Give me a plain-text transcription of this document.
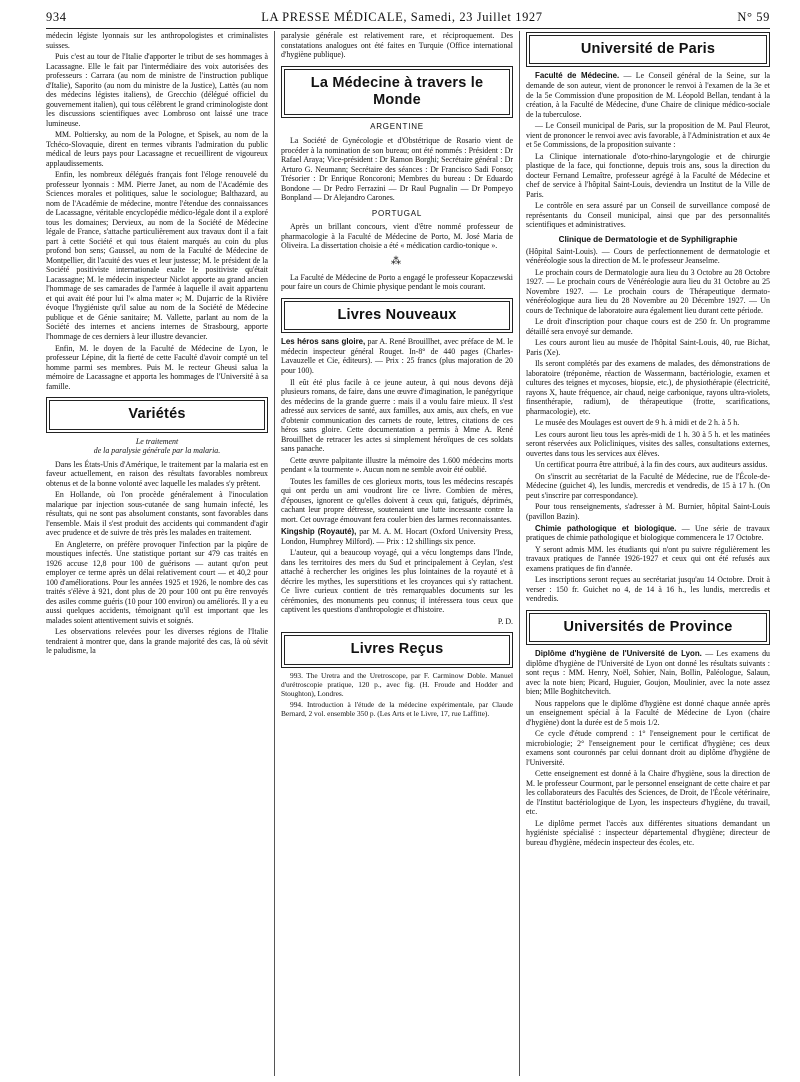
934	LA PRESSE MÉDICALE, Samedi, 23 Juillet 1927	N° 59

médecin légiste lyonnais sur les anthropologistes et criminalistes suisses.

Puis c'est au tour de l'Italie d'apporter le tribut de ses hommages à Lacassagne. Elle le fait par l'intermédiaire des voix autorisées des professeurs : Carrara (au nom de ministre de l'instruction publique d'Italie), Saporito (au nom du ministre de la Justice), Lattès (au nom des médecins légistes italiens), de Grecchio (délégué officiel du gouvernement italien), qui tous célèbrent le grand criminologiste dont les discussions scientifiques avec Lombroso ont laissé une trace lumineuse.

MM. Poltiersky, au nom de la Pologne, et Spisek, au nom de la Tchéco-Slovaquie, dirent en termes vibrants l'admiration du public médical de leurs pays pour Lacassagne et recueillirent de vigoureux applaudissements.

Enfin, les nombreux délégués français font l'éloge renouvelé du professeur lyonnais : MM. Pierre Janet, au nom de l'Académie des Sciences morales et politiques, salue le sociologue; Balthazard, au nom de l'Académie de médecine, montre l'étendue des connaissances de Lacassagne, véritable encyclopédie médico-légale dont il a exploré tous les domaines; Dervieux, au nom de la Société de Médecine légale de France, s'attache particulièrement aux travaux dont il a fait part à cette Société et qui tous étaient marqués au coin du plus profond bon sens; Gaussel, au nom de la Faculté de Médecine de Montpellier, dit l'acuité des vues et leur justesse; M. le président de la Société positiviste internationale exalte le positiviste qu'était Lacassagne; M. le médecin inspecteur Niclot apporte au grand ancien l'hommage de ses camarades de l'armée à laquelle il avait appartenu et qui avait été pour lui l'« alma mater »; M. Dujarric de la Rivière évoque l'hygiéniste qu'il salue au nom de la Société de Médecine publique et de Génie sanitaire; M. Vallette, parlant au nom de la Société des internes et anciens internes de Strasbourg, apporte l'hommage de ces derniers à leur illustre devancier.

Enfin, M. le doyen de la Faculté de Médecine de Lyon, le professeur Lépine, dit la fierté de cette Faculté d'avoir compté un tel homme parmi ses membres. Puis M. le recteur Gheusi salua la mémoire de Lacassagne et apporta les hommages de l'Université à sa famille.

Variétés
Le traitement
de la paralysie générale par la malaria.

Dans les États-Unis d'Amérique, le traitement par la malaria est en faveur actuellement, en raison des résultats favorables nombreux obtenus et de la bonne volonté avec laquelle les malades s'y prêtent.

En Hollande, où l'on procède généralement à l'inoculation malarique par injection sous-cutanée de sang humain infecté, les résultats, qui ne sont pas absolument constants, sont favorables dans l'ensemble. Mais il s'est produit des accidents qui commandent d'agir avec prudence et de suivre de très près les malades en traitement.

En Angleterre, on préfère provoquer l'infection par la piqûre de moustiques infectés. Une statistique portant sur 479 cas traités en 1926 accuse 12,8 pour 100 de guérisons — autant qu'on peut employer ce terme après un délai relativement court — et 40,2 pour 100 d'améliorations. Pour les années 1925 et 1926, le nombre des cas traités s'élève à 921, dont plus de 20 pour 100 ont pu être renvoyés des asiles comme guéris (10 pour 100 environ) ou améliorés. Il y a eu aussi quelques accidents, témoignant qu'il est important que les malades soient attentivement suivis et soignés.

Les observations relevées pour les diverses régions de l'Italie tendraient à montrer que, dans la grande majorité des cas, là où sévit le paludisme, la

paralysie générale est relativement rare, et réciproquement. Des constatations analogues ont été faites en Turquie (Office international d'hygiène publique).

La Médecine à travers le Monde
ARGENTINE

La Société de Gynécologie et d'Obstétrique de Rosario vient de procéder à la nomination de son bureau; ont été nommés : Président : Dr Rafael Araya; Vice-président : Dr Ramon Borghi; Secrétaire général : Dr Arturo G. Neumann; Secrétaire des séances : Dr Francisco Sadi Fonso; Trésorier : Dr Enrique Roncoroni; Membres du bureau : Dr Eduardo Bondone — Dr Pedro Ferrazini — Dr Raul Pugnalin — Dr Pompeyo Bonpland — Dr Alejandro Carones.

PORTUGAL

Après un brillant concours, vient d'être nommé professeur de pharmacologie à la Faculté de Médecine de Porto, M. José Maria de Oliveira. La dissertation choisie a été « médication cardio-tonique ».

⁂

La Faculté de Médecine de Porto a engagé le professeur Kopaczewski pour faire un cours de Chimie physique pendant le mois courant.

Livres Nouveaux

Les héros sans gloire, par A. René Brouillhet, avec préface de M. le médecin inspecteur général Rouget. In-8° de 440 pages (Charles-Lavauzelle et Cie, éditeurs). — Prix : 25 francs (plus majoration de 20 pour 100).

Il eût été plus facile à ce jeune auteur, à qui nous devons déjà plusieurs romans, de faire, dans une œuvre d'imagination, le panégyrique des médecins de la grande guerre : mais il a voulu faire mieux. Il s'est adressé aux services de santé, aux familles, aux amis, aux chefs, en vue d'obtenir communication des carnets de route, lettres, citations de ces héros sans gloire. Cette documentation a permis à Mme A. René Brouillhet de retracer les actes si simplement héroïques de ces soldats sans panache.

Cette œuvre palpitante illustre la mémoire des 1.600 médecins morts pendant « la tourmente ». Aucun nom ne semble avoir été oublié.

Toutes les familles de ces glorieux morts, tous les médecins rescapés qui ont perdu un ami voudront lire ce livre. Combien de mères, d'épouses, ignorent ce qu'elles doivent à ceux qui, fatigués, déprimés, cachant leur propre détresse, soutenaient une lutte incessante contre la mort. Cet ouvrage émouvant fera couler bien des larmes reconnaissantes.

Kingship (Royauté), par M. A. M. Hocart (Oxford University Press, London, Humphrey Milford). — Prix : 12 shillings six pence.

L'auteur, qui a beaucoup voyagé, qui a vécu longtemps dans l'Inde, dans les territoires des mers du Sud et principalement à Ceylan, s'est attaché à rechercher les origines les plus lointaines de la royauté et à décrire les mythes, les superstitions et les croyances qui s'y rattachent. Ce livre curieux contient de très remarquables documents sur les cérémonies, des monuments peu connus; il intéressera tous ceux que captivent les questions d'anthropologie et d'histoire.

P. D.
Livres Reçus

993. The Uretra and the Uretroscope, par F. Carminow Doble. Manuel d'urétroscopie pratique, 120 p., avec fig. (H. Froude and Hodder and Stoughton), Londres.

994. Introduction à l'étude de la médecine expérimentale, par Claude Bernard, 2 vol. ensemble 350 p. (Les Arts et le Livre, 17, rue Laffitte).

Université de Paris

Faculté de Médecine. — Le Conseil général de la Seine, sur la demande de son auteur, vient de prononcer le renvoi à l'examen de la 3e et de la 5e Commission d'une proposition de M. Léopold Bellan, tendant à la création, à la Faculté de Médecine, d'une Chaire de clinique médico-sociale de la tuberculose.

— Le Conseil municipal de Paris, sur la proposition de M. Paul Fleurot, vient de prononcer le renvoi avec avis favorable, à l'Administration et aux 4e et 5e Commissions, de la proposition suivante :

La Clinique internationale d'oto-rhino-laryngologie et de chirurgie plastique de la face, qui fonctionne, depuis trois ans, sous la direction du docteur Fernand Lemaître, professeur agrégé à la Faculté de Médecine et chef de service à l'hôpital Saint-Louis, deviendra un Institut de la Ville de Paris.

Le contrôle en sera assuré par un Conseil de surveillance composé de représentants du Conseil municipal, ainsi que par des personnalités scientifiques et administratives.

Clinique de Dermatologie et de Syphiligraphie

(Hôpital Saint-Louis). — Cours de perfectionnement de dermatologie et vénéréologie sous la direction de M. le professeur Jeanselme.

Le prochain cours de Dermatologie aura lieu du 3 Octobre au 28 Octobre 1927. — Le prochain cours de Vénéréologie aura lieu du 31 Octobre au 25 Novembre 1927. — Le prochain cours de Thérapeutique dermato-vénéréologique aura lieu du 28 Novembre au 20 Décembre 1927. — Un cours de Technique de laboratoire aura également lieu durant cette période.

Le droit d'inscription pour chaque cours est de 250 fr. Un programme détaillé sera envoyé sur demande.

Les cours auront lieu au musée de l'hôpital Saint-Louis, 40, rue Bichat, Paris (Xe).

Ils seront complétés par des examens de malades, des démonstrations de laboratoire (tréponème, réaction de Wassermann, bactériologie, examen et cultures des teignes et mycoses, biopsie, etc.), de physiothérapie (électricité, rayons X, haute fréquence, air chaud, neige carbonique, rayons ultra-violets, finsenthérapie, radium), de thérapeutique (frotte, scarifications, pharmacologie), etc.

Le musée des Moulages est ouvert de 9 h. à midi et de 2 h. à 5 h.

Les cours auront lieu tous les après-midi de 1 h. 30 à 5 h. et les matinées seront réservées aux Policliniques, visites des salles, consultations externes, ouvertes dans tous les services aux élèves.

Un certificat pourra être attribué, à la fin des cours, aux auditeurs assidus.

On s'inscrit au secrétariat de la Faculté de Médecine, rue de l'École-de-Médecine (guichet 4), les lundis, mercredis et vendredis, de 15 à 17 h. (On peut s'inscrire par correspondance).

Pour tous renseignements, s'adresser à M. Burnier, hôpital Saint-Louis (pavillon Bazin).

Chimie pathologique et biologique. — Une série de travaux pratiques de chimie pathologique et biologique commencera le 17 Octobre.

Y seront admis MM. les étudiants qui n'ont pu suivre régulièrement les travaux pratiques de l'année 1926-1927 et ceux qui ont été refusés aux examens pratiques de fin d'année.

Les inscriptions seront reçues au secrétariat jusqu'au 14 Octobre. Droit à verser : 150 fr. Guichet no 4, de 14 à 16 h., les lundis, mercredis et vendredis.

Universités de Province

Diplôme d'hygiène de l'Université de Lyon. — Les examens du diplôme d'hygiène de l'Université de Lyon ont donné les résultats suivants : sont reçus : MM. Henry, Noël, Sohier, Nain, Bollin, Paléologue, Salaun, avec la note bien; Picard, Huguier, Goujon, Moulinier, avec la note assez bien; Mlle Boghitchevitch.

Nous rappelons que le diplôme d'hygiène est donné chaque année après un enseignement spécial à la Faculté de Médecine de Lyon (chaire d'hygiène) dont la durée est de 5 mois 1/2.

Ce cycle d'étude comprend : 1° l'enseignement pour le certificat de microbiologie; 2° l'enseignement pour le certificat d'hygiène; ces deux examens sont couronnés par celui donnant droit au diplôme d'hygiène de l'Université.

Cette enseignement est donné à la Chaire d'hygiène, sous la direction de M. le professeur Courmont, par le personnel enseignant de cette chaire et par les collaborateurs des Facultés des Sciences, de Droit, de l'École vétérinaire, de l'Institut bactériologique de Lyon, les inspecteurs d'hygiène, du travail, etc.

Le diplôme permet l'accès aux différentes situations demandant un hygiéniste spécialisé : inspecteur départemental d'hygiène; directeur de bureau d'hygiène, médecin inspecteur des écoles, etc.
